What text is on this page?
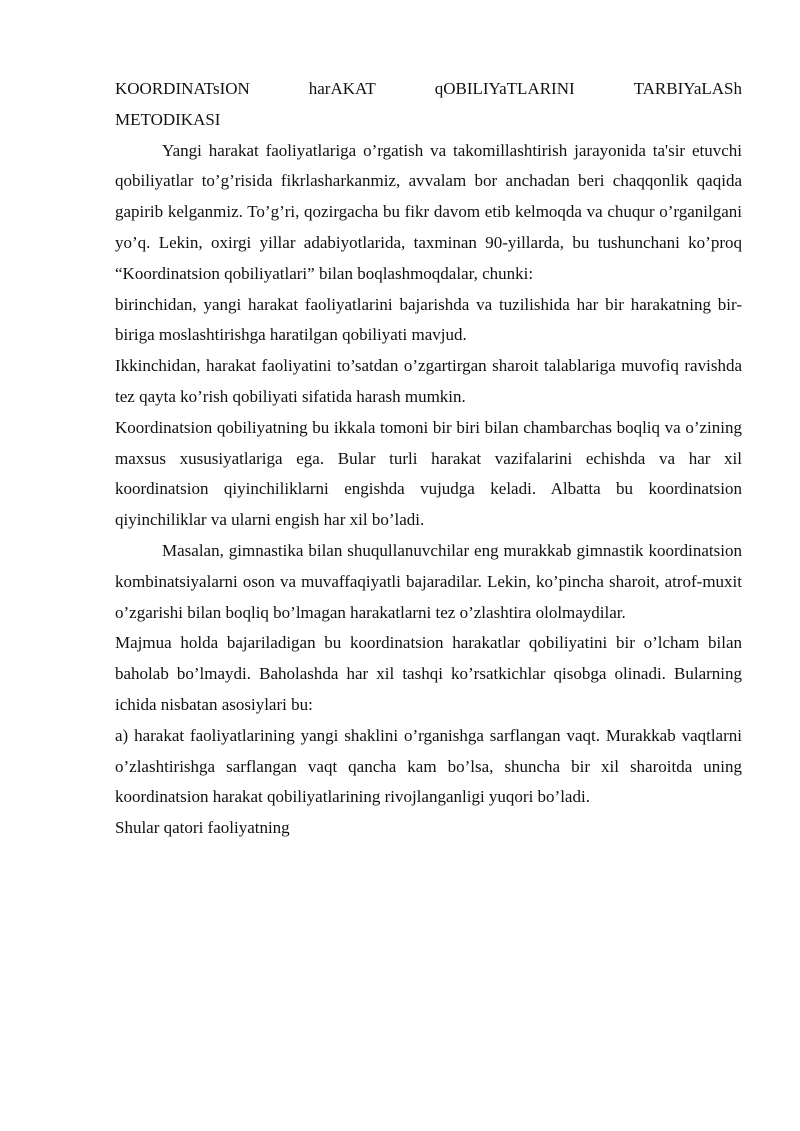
KOORDINATsION	harAKAT	qOBILIYaTLARINI	TARBIYaLASh
METODIKASI

Yangi harakat faoliyatlariga o’rgatish va takomillashtirish jarayonida ta'sir etuvchi qobiliyatlar to’g’risida fikrlasharkanmiz, avvalam bor anchadan beri chaqqonlik qaqida gapirib kelganmiz. To’g’ri, qozirgacha bu fikr davom etib kelmoqda va chuqur o’rganilgani yo’q. Lekin, oxirgi yillar adabiyotlarida, taxminan 90-yillarda, bu tushunchani ko’proq “Koordinatsion qobiliyatlari” bilan boqlashmoqdalar, chunki:

birinchidan, yangi harakat faoliyatlarini bajarishda va tuzilishida har bir harakatning bir-biriga moslashtirishga haratilgan qobiliyati mavjud.

Ikkinchidan, harakat faoliyatini to’satdan o’zgartirgan sharoit talablariga muvofiq ravishda tez qayta ko’rish qobiliyati sifatida harash mumkin.

Koordinatsion qobiliyatning bu ikkala tomoni bir biri bilan chambarchas boqliq va o’zining maxsus xususiyatlariga ega. Bular turli harakat vazifalarini echishda va har xil koordinatsion qiyinchiliklarni engishda vujudga keladi. Albatta bu koordinatsion qiyinchiliklar va ularni engish har xil bo’ladi.

Masalan, gimnastika bilan shuqullanuvchilar eng murakkab gimnastik koordinatsion kombinatsiyalarni oson va muvaffaqiyatli bajaradilar. Lekin, ko’pincha sharoit, atrof-muxit o’zgarishi bilan boqliq bo’lmagan harakatlarni tez o’zlashtira ololmaydilar.

Majmua holda bajariladigan bu koordinatsion harakatlar qobiliyatini bir o’lcham bilan baholab bo’lmaydi. Baholashda har xil tashqi ko’rsatkichlar qisobga olinadi. Bularning ichida nisbatan asosiylari bu:

a) harakat faoliyatlarining yangi shaklini o’rganishga sarflangan vaqt. Murakkab vaqtlarni o’zlashtirishga sarflangan vaqt qancha kam bo’lsa, shuncha bir xil sharoitda uning koordinatsion harakat qobiliyatlarining rivojlanganligi yuqori bo’ladi.

Shular qatori faoliyatning
